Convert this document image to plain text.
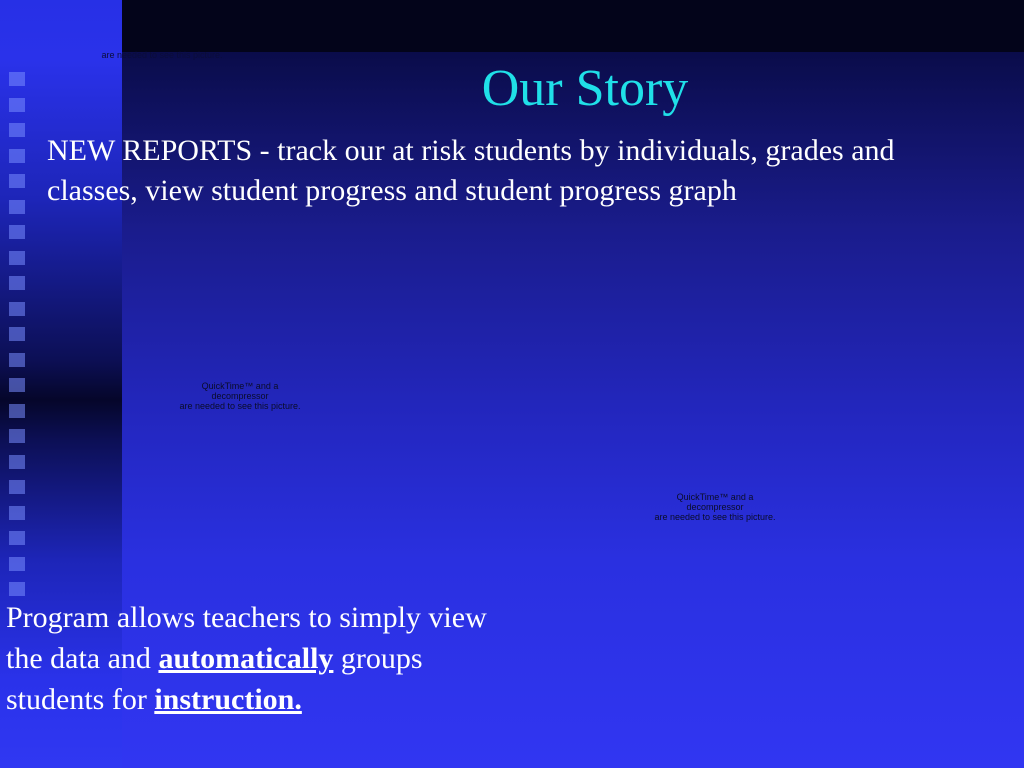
are needed to see this picture.
Our Story

NEW REPORTS - track our at risk students by individuals, grades and classes, view student progress and student progress graph

QuickTime™ and a
decompressor
are needed to see this picture.
QuickTime™ and a
decompressor
are needed to see this picture.

Program allows teachers to simply view the data and automatically groups students for instruction.
